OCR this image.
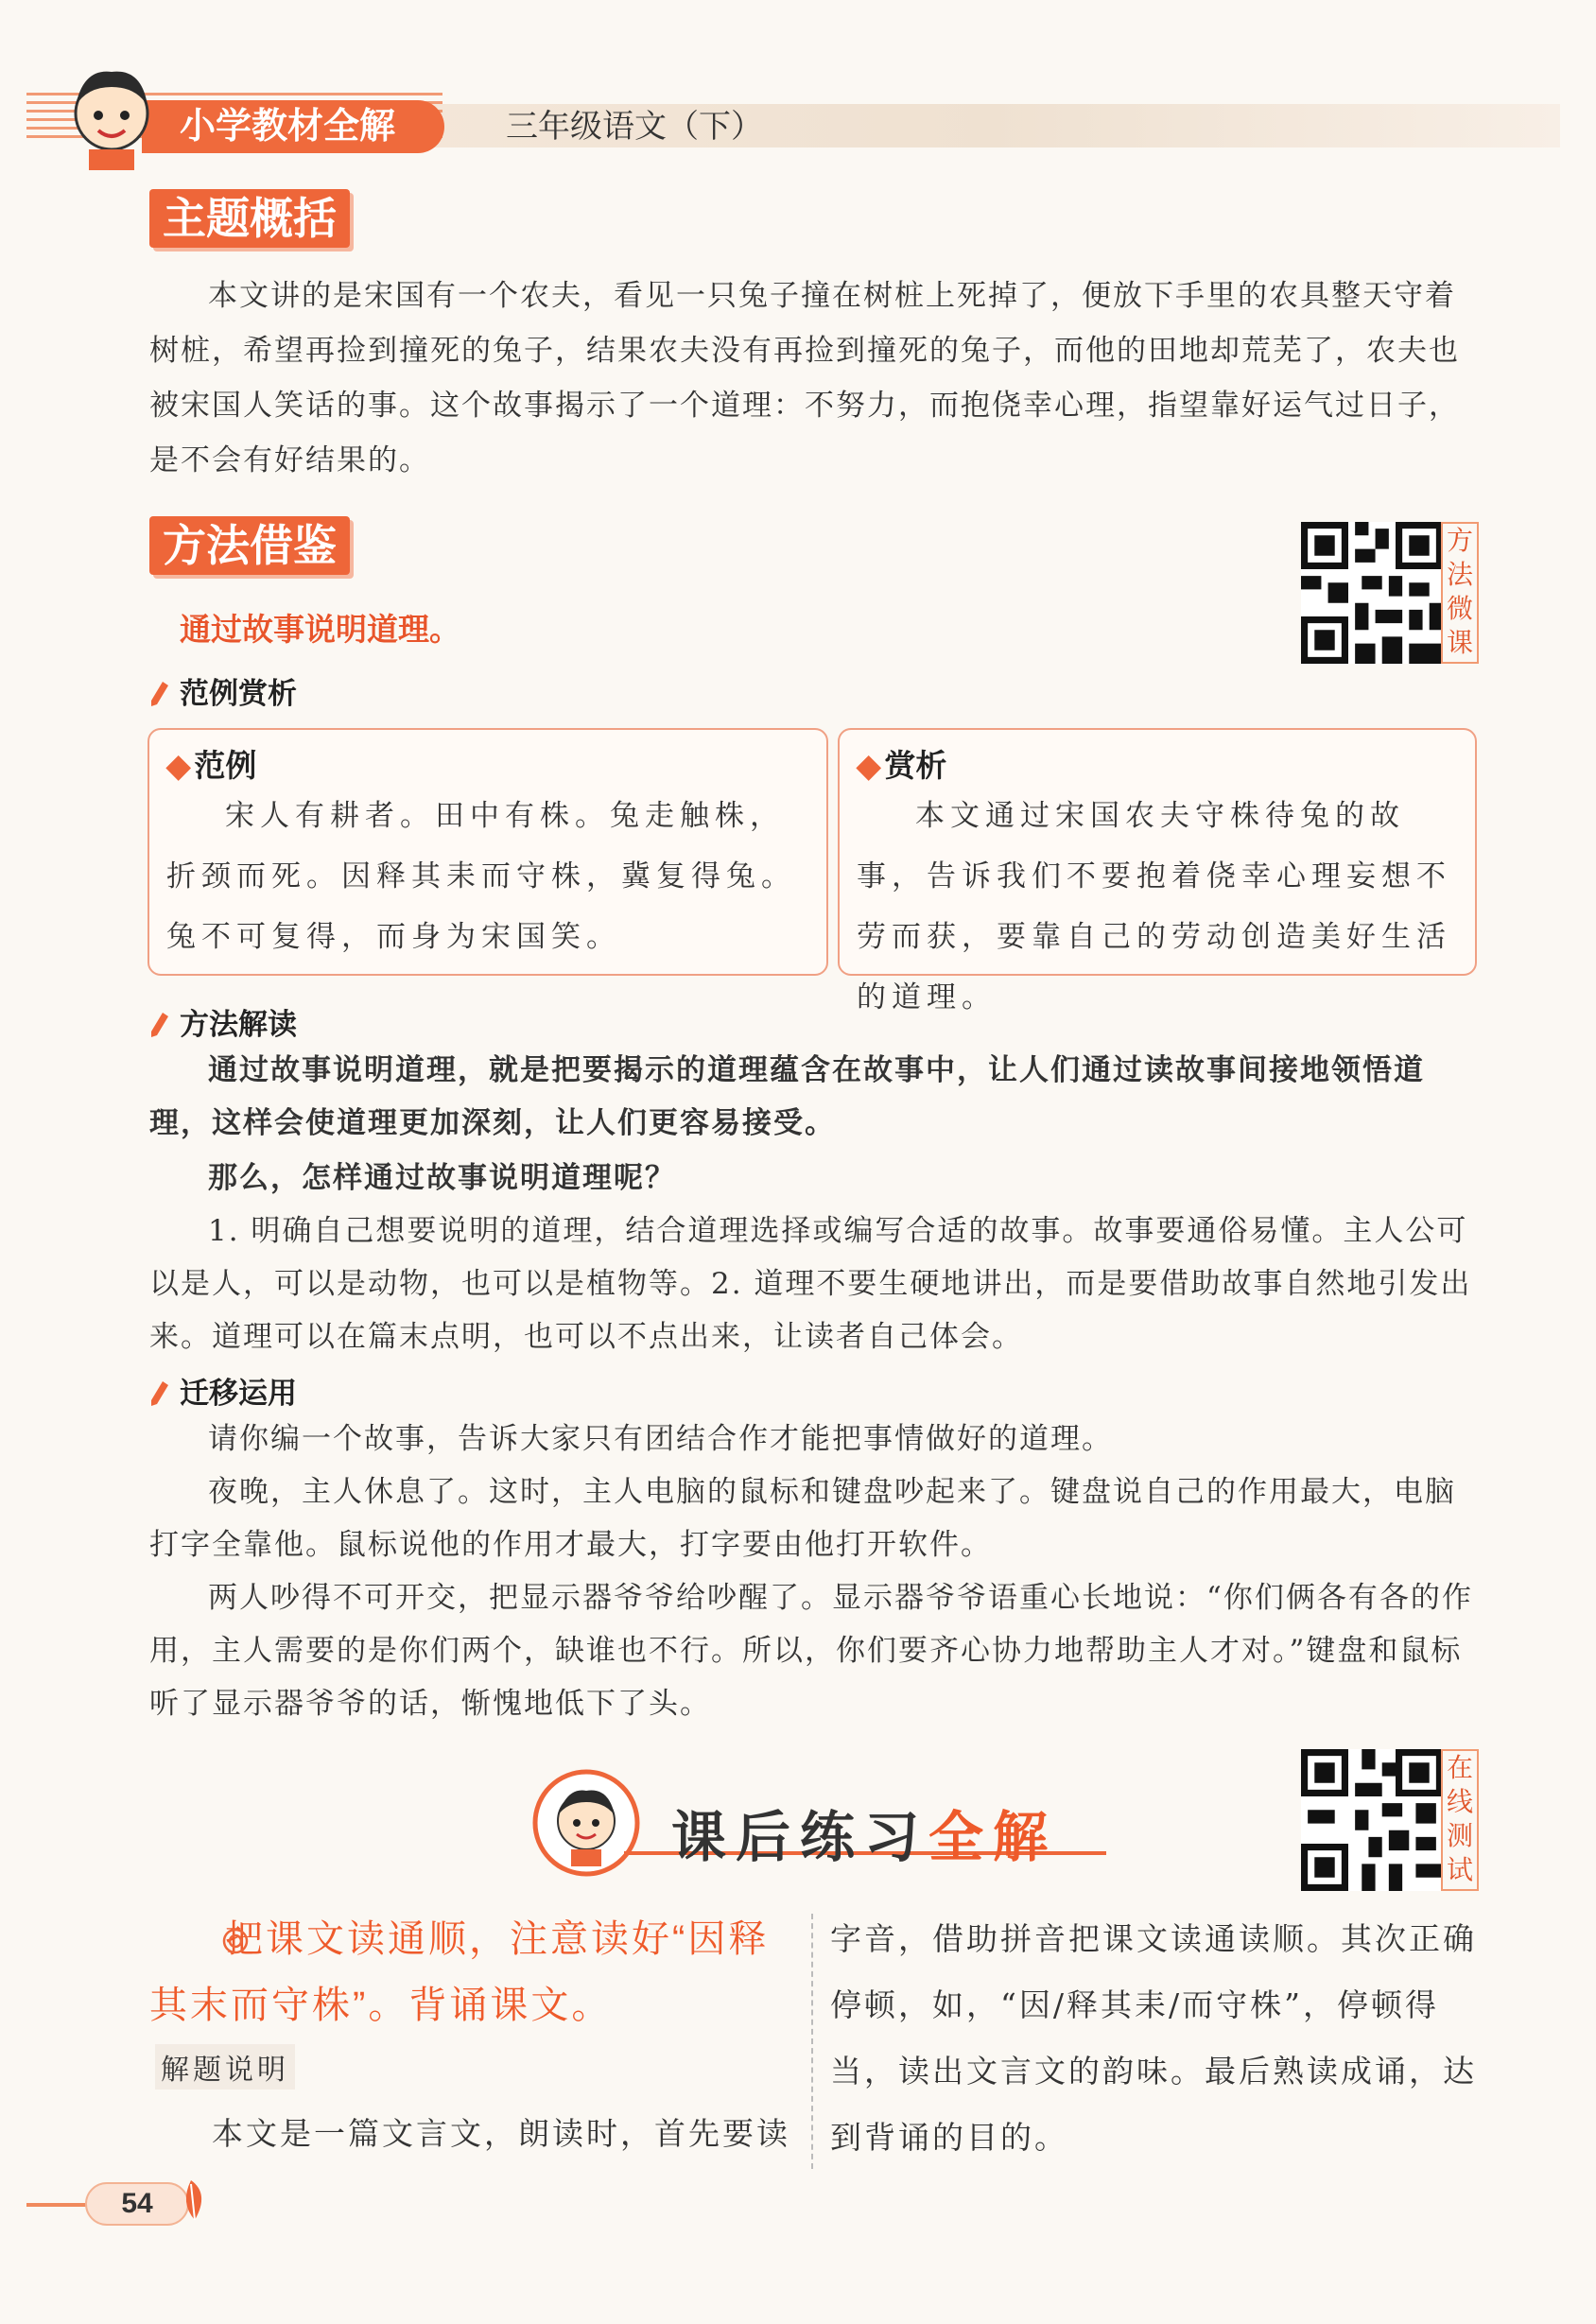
小学教材全解	三年级语文（下）
主题概括

本文讲的是宋国有一个农夫，看见一只兔子撞在树桩上死掉了，便放下手里的农具整天守着树桩，希望再捡到撞死的兔子，结果农夫没有再捡到撞死的兔子，而他的田地却荒芜了，农夫也被宋国人笑话的事。这个故事揭示了一个道理：不努力，而抱侥幸心理，指望靠好运气过日子，是不会有好结果的。

方法借鉴
通过故事说明道理。
方
法
微
课
范例赏析
◆ 范例
宋人有耕者。田中有株。兔走触株，折颈而死。因释其耒而守株，冀复得兔。兔不可复得，而身为宋国笑。
◆ 赏析
本文通过宋国农夫守株待兔的故事，告诉我们不要抱着侥幸心理妄想不劳而获，要靠自己的劳动创造美好生活的道理。
方法解读

通过故事说明道理，就是把要揭示的道理蕴含在故事中，让人们通过读故事间接地领悟道理，这样会使道理更加深刻，让人们更容易接受。

那么，怎样通过故事说明道理呢？

1. 明确自己想要说明的道理，结合道理选择或编写合适的故事。故事要通俗易懂。主人公可以是人，可以是动物，也可以是植物等。2. 道理不要生硬地讲出，而是要借助故事自然地引发出来。道理可以在篇末点明，也可以不点出来，让读者自己体会。

迁移运用

请你编一个故事，告诉大家只有团结合作才能把事情做好的道理。

夜晚，主人休息了。这时，主人电脑的鼠标和键盘吵起来了。键盘说自己的作用最大，电脑打字全靠他。鼠标说他的作用才最大，打字要由他打开软件。

两人吵得不可开交，把显示器爷爷给吵醒了。显示器爷爷语重心长地说：“你们俩各有各的作用，主人需要的是你们两个，缺谁也不行。所以，你们要齐心协力地帮助主人才对。”键盘和鼠标听了显示器爷爷的话，惭愧地低下了头。

课后练习全解
在
线
测
试
把课文读通顺，注意读好“因释其末而守株”。背诵课文。
解题说明
本文是一篇文言文，朗读时，首先要读
字音，借助拼音把课文读通读顺。其次正确停顿，如，“因/释其耒/而守株”，停顿得当，读出文言文的韵味。最后熟读成诵，达到背诵的目的。
54
